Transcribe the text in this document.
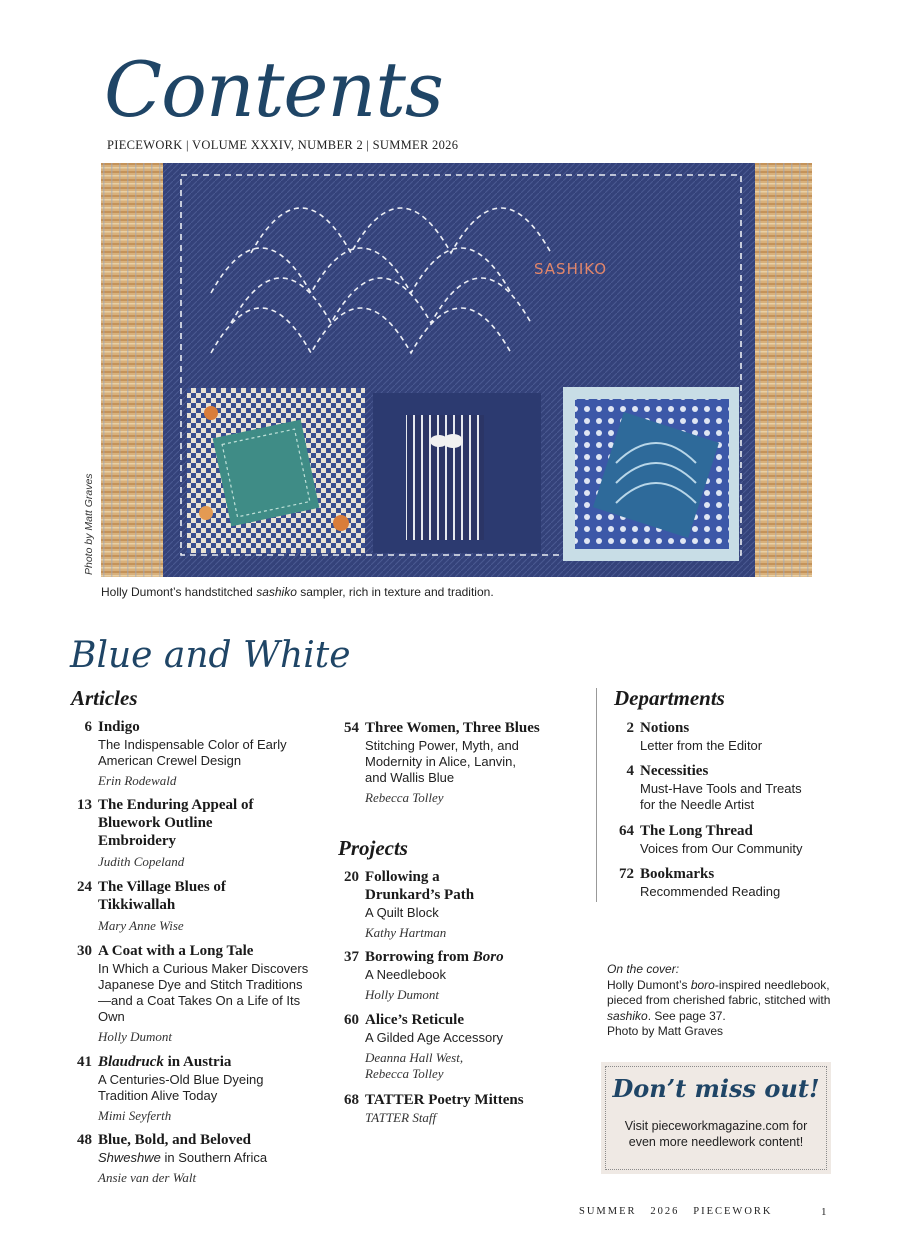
Contents
PIECEWORK | VOLUME XXXIV, NUMBER 2 | SUMMER 2026
SASHIKO
Photo by Matt Graves
Holly Dumont’s handstitched sashiko sampler, rich in texture and tradition.
Blue and White
Articles
6 Indigo
The Indispensable Color of Early American Crewel Design
Erin Rodewald
13 The Enduring Appeal of Bluework Outline Embroidery
Judith Copeland
24 The Village Blues of Tikkiwallah
Mary Anne Wise
30 A Coat with a Long Tale
In Which a Curious Maker Discovers Japanese Dye and Stitch Traditions—and a Coat Takes On a Life of Its Own
Holly Dumont
41 Blaudruck in Austria
A Centuries-Old Blue Dyeing Tradition Alive Today
Mimi Seyferth
48 Blue, Bold, and Beloved
Shweshwe in Southern Africa
Ansie van der Walt
54 Three Women, Three Blues
Stitching Power, Myth, and Modernity in Alice, Lanvin, and Wallis Blue
Rebecca Tolley
Projects
20 Following a Drunkard’s Path
A Quilt Block
Kathy Hartman
37 Borrowing from Boro
A Needlebook
Holly Dumont
60 Alice’s Reticule
A Gilded Age Accessory
Deanna Hall West, Rebecca Tolley
68 TATTER Poetry Mittens
TATTER Staff
Departments
2 Notions
Letter from the Editor
4 Necessities
Must-Have Tools and Treats for the Needle Artist
64 The Long Thread
Voices from Our Community
72 Bookmarks
Recommended Reading
On the cover:
Holly Dumont’s boro-inspired needlebook, pieced from cherished fabric, stitched with sashiko. See page 37.
Photo by Matt Graves
Don’t miss out!
Visit pieceworkmagazine.com for even more needlework content!
SUMMER   2026   PIECEWORK	1
